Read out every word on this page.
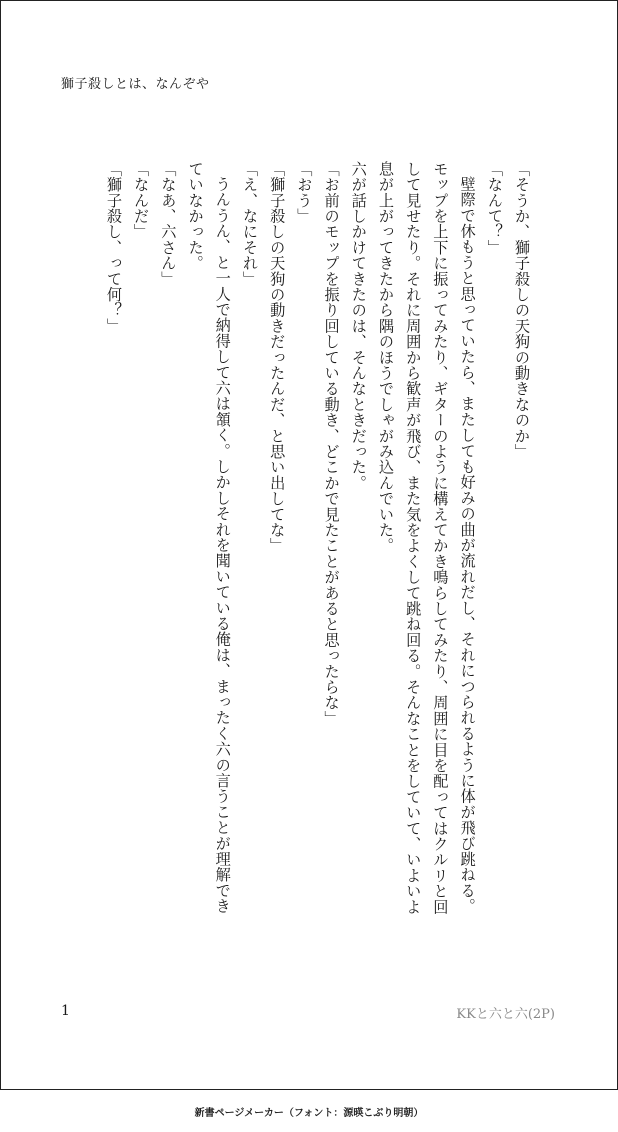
獅子殺しとは、なんぞや

「そうか、獅子殺しの天狗の動きなのか」

「なんて？」

壁際で休もうと思っていたら、またしても好みの曲が流れだし、それにつられるように体が飛び跳ねる。モップを上下に振ってみたり、ギターのように構えてかき鳴らしてみたり、周囲に目を配ってはクルリと回して見せたり。それに周囲から歓声が飛び、また気をよくして跳ね回る。そんなことをしていて、いよいよ息が上がってきたから隅のほうでしゃがみ込んでいた。

六が話しかけてきたのは、そんなときだった。

「お前のモップを振り回している動き、どこかで見たことがあると思ったらな」

「おう」

「獅子殺しの天狗の動きだったんだ、と思い出してな」

「え、なにそれ」

うんうん、と一人で納得して六は頷く。しかしそれを聞いている俺は、まったく六の言うことが理解できていなかった。

「なあ、六さん」

「なんだ」

「獅子殺し、って何？」

1	KKと六と六(2P)
新書ページメーカー（フォント：源暎こぶり明朝）
